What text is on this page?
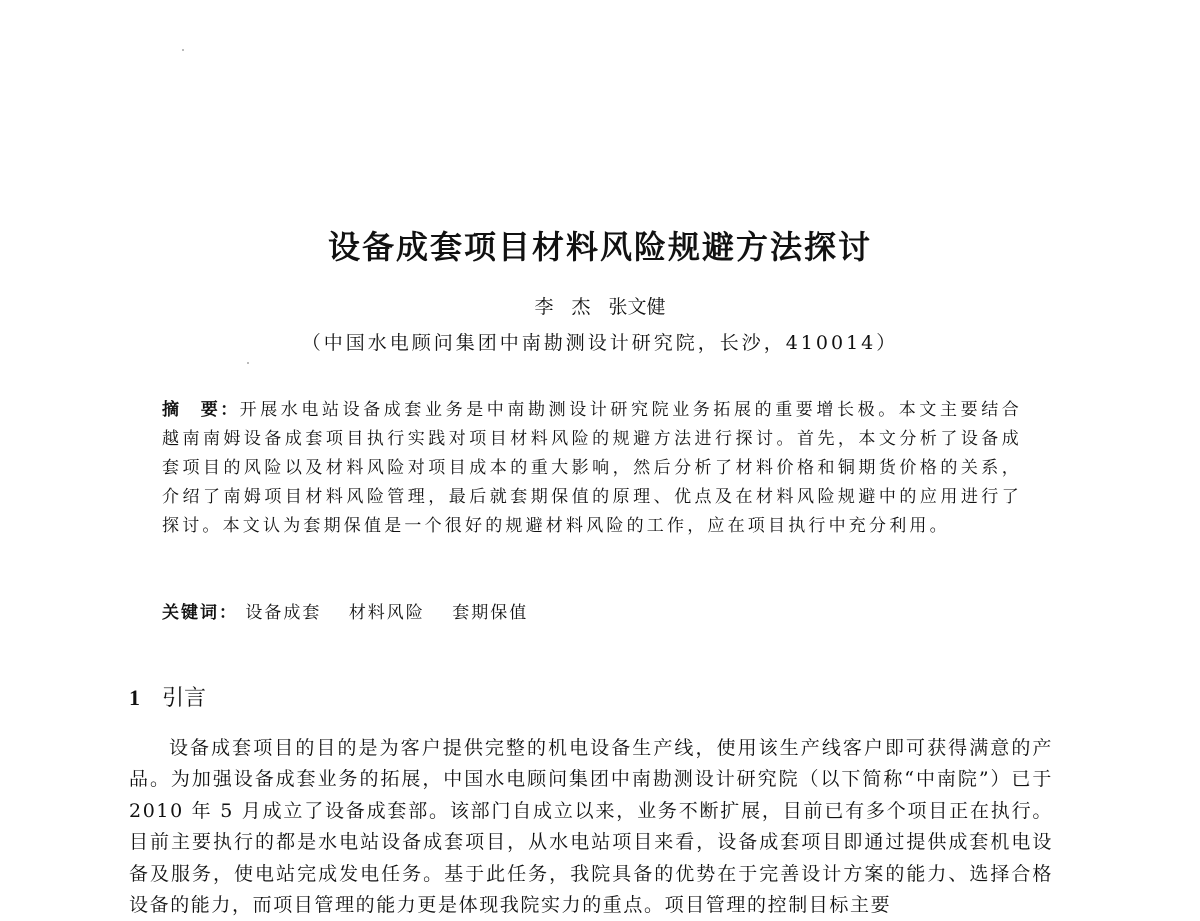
设备成套项目材料风险规避方法探讨
李 杰 张文健
（中国水电顾问集团中南勘测设计研究院，长沙，410014）

摘　要：开展水电站设备成套业务是中南勘测设计研究院业务拓展的重要增长极。本文主要结合越南南姆设备成套项目执行实践对项目材料风险的规避方法进行探讨。首先，本文分析了设备成套项目的风险以及材料风险对项目成本的重大影响，然后分析了材料价格和铜期货价格的关系，介绍了南姆项目材料风险管理，最后就套期保值的原理、优点及在材料风险规避中的应用进行了探讨。本文认为套期保值是一个很好的规避材料风险的工作，应在项目执行中充分利用。

关键词： 设备成套 材料风险 套期保值
1 引言

设备成套项目的目的是为客户提供完整的机电设备生产线，使用该生产线客户即可获得满意的产品。为加强设备成套业务的拓展，中国水电顾问集团中南勘测设计研究院（以下简称“中南院”）已于 2010 年 5 月成立了设备成套部。该部门自成立以来，业务不断扩展，目前已有多个项目正在执行。目前主要执行的都是水电站设备成套项目，从水电站项目来看，设备成套项目即通过提供成套机电设备及服务，使电站完成发电任务。基于此任务，我院具备的优势在于完善设计方案的能力、选择合格设备的能力，而项目管理的能力更是体现我院实力的重点。项目管理的控制目标主要
